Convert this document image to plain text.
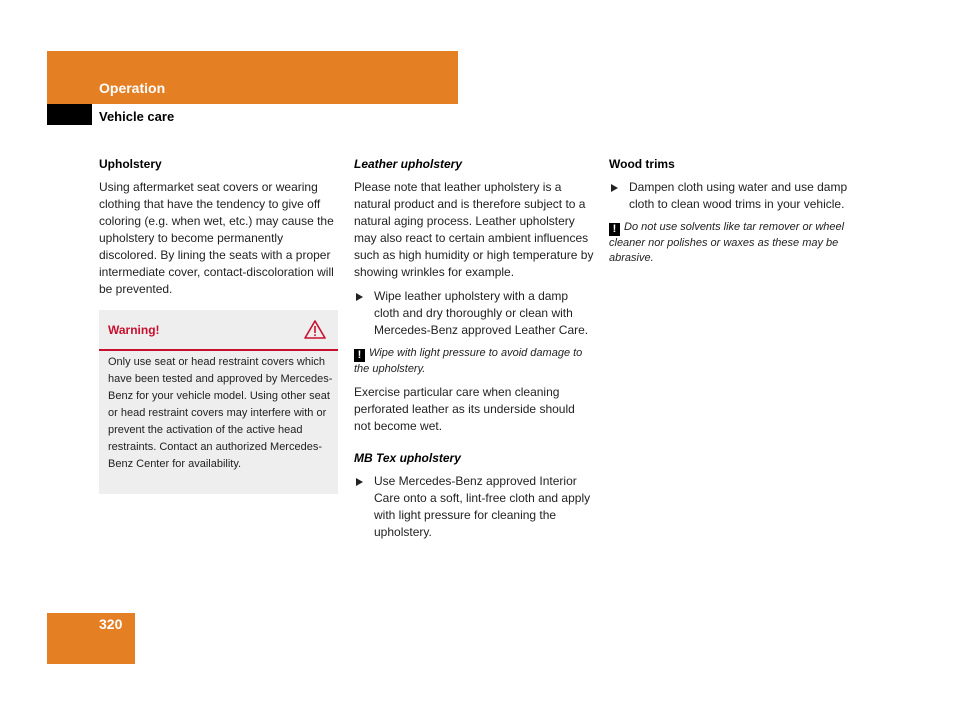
Operation
Vehicle care
Upholstery

Using aftermarket seat covers or wearing clothing that have the tendency to give off coloring (e.g. when wet, etc.) may cause the upholstery to become permanently discolored. By lining the seats with a proper intermediate cover, contact-discoloration will be prevented.

Warning!
Only use seat or head restraint covers which have been tested and approved by Mercedes-Benz for your vehicle model. Using other seat or head restraint covers may interfere with or prevent the activation of the active head restraints. Contact an authorized Mercedes-Benz Center for availability.
Leather upholstery

Please note that leather upholstery is a natural product and is therefore subject to a natural aging process. Leather upholstery may also react to certain ambient influences such as high humidity or high temperature by showing wrinkles for example.

Wipe leather upholstery with a damp cloth and dry thoroughly or clean with Mercedes-Benz approved Leather Care.
! Wipe with light pressure to avoid damage to the upholstery.

Exercise particular care when cleaning perforated leather as its underside should not become wet.

MB Tex upholstery
Use Mercedes-Benz approved Interior Care onto a soft, lint-free cloth and apply with light pressure for cleaning the upholstery.
Wood trims
Dampen cloth using water and use damp cloth to clean wood trims in your vehicle.
! Do not use solvents like tar remover or wheel cleaner nor polishes or waxes as these may be abrasive.
320
